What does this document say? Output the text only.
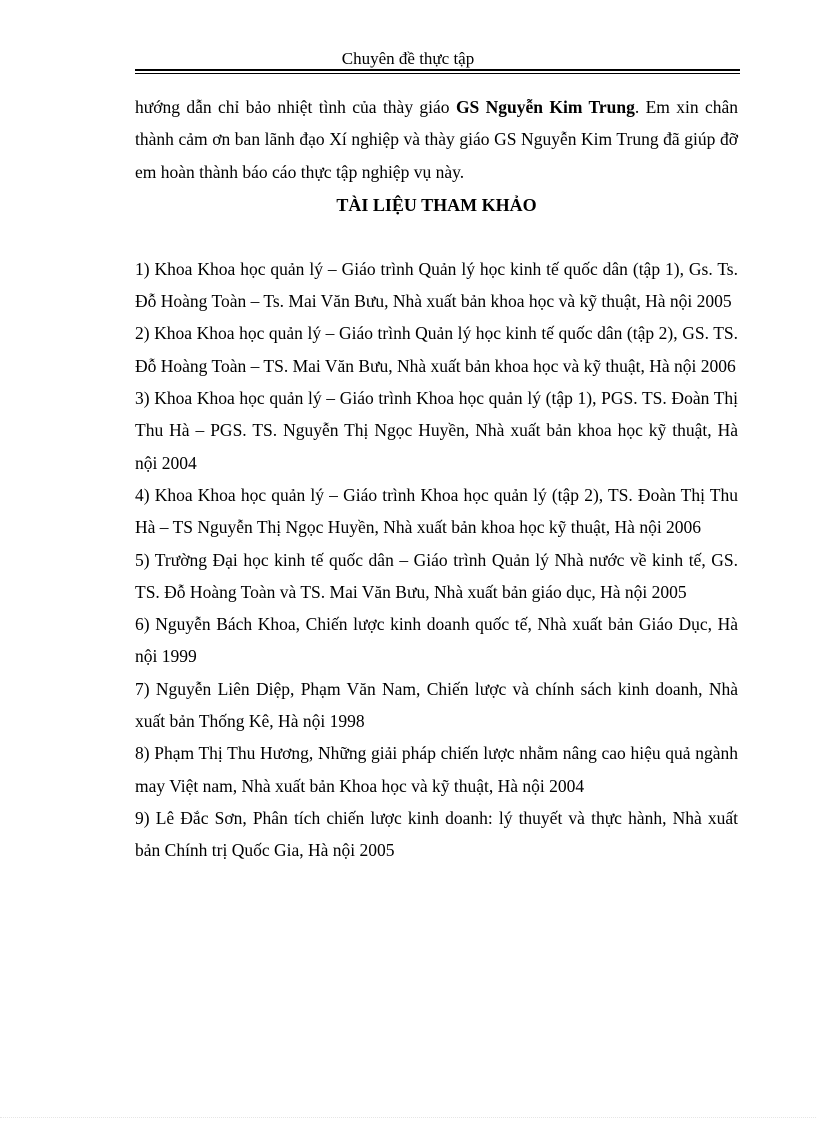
Chuyên đề thực tập

hướng dẫn chỉ bảo nhiệt tình của thày giáo GS Nguyễn Kim Trung. Em xin chân thành cảm ơn ban lãnh đạo Xí nghiệp và thày giáo GS Nguyễn Kim Trung đã giúp đỡ em hoàn thành báo cáo thực tập nghiệp vụ này.

TÀI LIỆU THAM KHẢO
1) Khoa Khoa học quản lý – Giáo trình Quản lý học kinh tế quốc dân (tập 1), Gs. Ts. Đỗ Hoàng Toàn – Ts. Mai Văn Bưu, Nhà xuất bản khoa học và kỹ thuật, Hà nội 2005
2) Khoa Khoa học quản lý – Giáo trình Quản lý học kinh tế quốc dân (tập 2), GS. TS. Đỗ Hoàng Toàn – TS. Mai Văn Bưu, Nhà xuất bản khoa học và kỹ thuật, Hà nội 2006
3) Khoa Khoa học quản lý – Giáo trình Khoa học quản lý (tập 1), PGS. TS. Đoàn Thị Thu Hà – PGS. TS. Nguyễn Thị Ngọc Huyền, Nhà xuất bản khoa học kỹ thuật, Hà nội 2004
4) Khoa Khoa học quản lý – Giáo trình Khoa học quản lý (tập 2), TS. Đoàn Thị Thu Hà – TS Nguyễn Thị Ngọc Huyền, Nhà xuất bản khoa học kỹ thuật, Hà nội 2006
5) Trường Đại học kinh tế quốc dân – Giáo trình Quản lý Nhà nước về kinh tế, GS. TS. Đỗ Hoàng Toàn và TS. Mai Văn Bưu, Nhà xuất bản giáo dục, Hà nội 2005
6) Nguyễn Bách Khoa, Chiến lược kinh doanh quốc tế, Nhà xuất bản Giáo Dục, Hà nội 1999
7) Nguyễn Liên Diệp, Phạm Văn Nam, Chiến lược và chính sách kinh doanh, Nhà xuất bản Thống Kê, Hà nội 1998
8) Phạm Thị Thu Hương, Những giải pháp chiến lược nhằm nâng cao hiệu quả ngành may Việt nam, Nhà xuất bản Khoa học và kỹ thuật, Hà nội 2004
9) Lê Đắc Sơn, Phân tích chiến lược kinh doanh: lý thuyết và thực hành, Nhà xuất bản Chính trị Quốc Gia, Hà nội 2005
